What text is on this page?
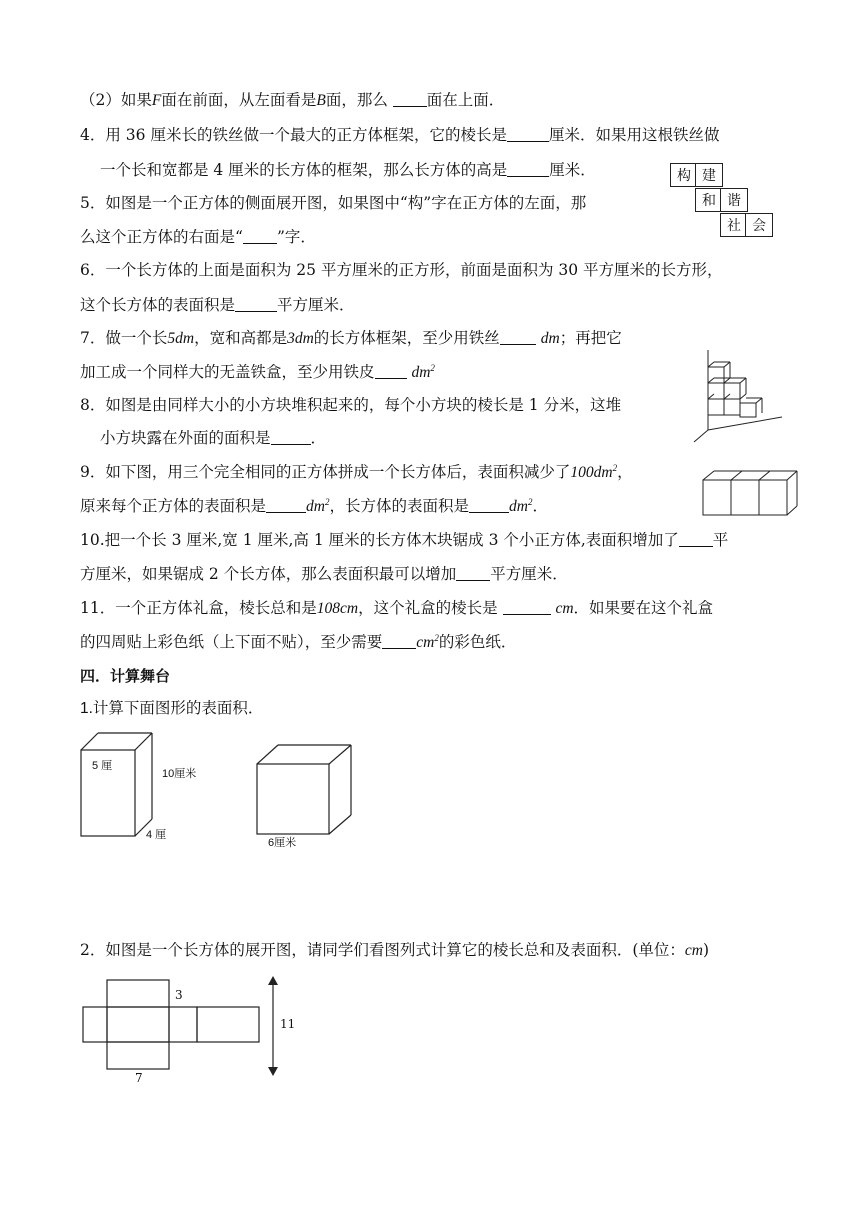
（2）如果F面在前面，从左面看是B面，那么 面在上面．
4．用 36 厘米长的铁丝做一个最大的正方体框架，它的棱长是	厘米．如果用这根铁丝做
一个长和宽都是 4 厘米的长方体的框架，那么长方体的高是	厘米．
5．如图是一个正方体的侧面展开图，如果图中“构”字在正方体的左面，那
么这个正方体的右面是“ ”字．
构 建
和 谐
社 会
6．一个长方体的上面是面积为 25 平方厘米的正方形，前面是面积为 30 平方厘米的长方形，
这个长方体的表面积是	平方厘米．
7．做一个长5dm，宽和高都是3dm的长方体框架，至少用铁丝	dm；再把它
加工成一个同样大的无盖铁盒，至少用铁皮 $dm^2$
8．如图是由同样大小的小方块堆积起来的，每个小方块的棱长是 1 分米，这堆
小方块露在外面的面积是	．
9．如下图，用三个完全相同的正方体拼成一个长方体后，表面积减少了$100dm^2$，
原来每个正方体的表面积是	$dm^2$，长方体的表面积是	$dm^2$．
10.把一个长 3 厘米,宽 1 厘米,高 1 厘米的长方体木块锯成 3 个小正方体,表面积增加了 平
方厘米，如果锯成 2 个长方体，那么表面积最可以增加 平方厘米．
11．一个正方体礼盒，棱长总和是108cm，这个礼盒的棱长是	cm．如果要在这个礼盒
的四周贴上彩色纸（上下面不贴），至少需要 $cm^2$的彩色纸．
四．计算舞台
1.计算下面图形的表面积．
5 厘
10厘米
4 厘
6厘米
2．如图是一个长方体的展开图，请同学们看图列式计算它的棱长总和及表面积．(单位：cm)
3
7
11
